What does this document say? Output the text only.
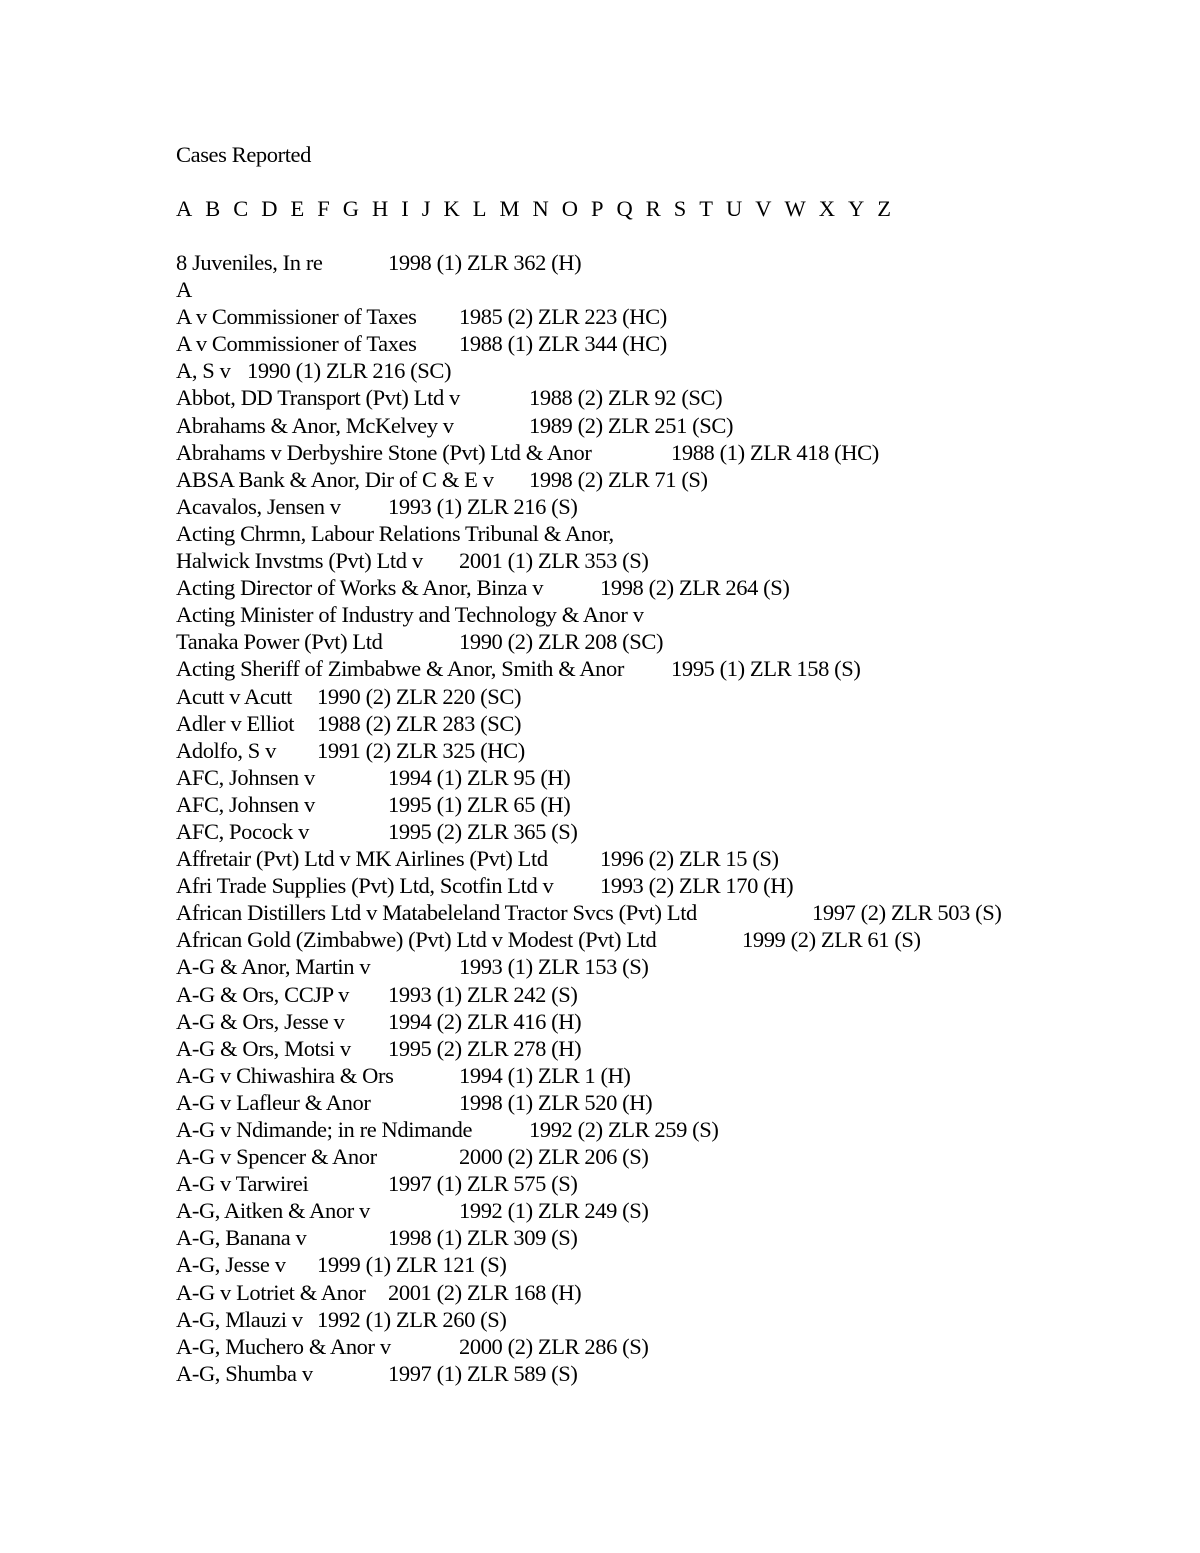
Cases Reported
A B C D E F G H I J K L M N O P Q R S T U V W X Y Z
8 Juveniles, In re	1998 (1) ZLR 362 (H)
A
A v Commissioner of Taxes 1985 (2) ZLR 223 (HC)
A v Commissioner of Taxes 1988 (1) ZLR 344 (HC)
A, S v 1990 (1) ZLR 216 (SC)
Abbot, DD Transport (Pvt) Ltd v	1988 (2) ZLR 92 (SC)
Abrahams & Anor, McKelvey v	1989 (2) ZLR 251 (SC)
Abrahams v Derbyshire Stone (Pvt) Ltd & Anor	1988 (1) ZLR 418 (HC)
ABSA Bank & Anor, Dir of C & E v 1998 (2) ZLR 71 (S)
Acavalos, Jensen v 1993 (1) ZLR 216 (S)
Acting Chrmn, Labour Relations Tribunal & Anor,
Halwick Invstms (Pvt) Ltd v 2001 (1) ZLR 353 (S)
Acting Director of Works & Anor, Binza v	1998 (2) ZLR 264 (S)
Acting Minister of Industry and Technology & Anor v
Tanaka Power (Pvt) Ltd	1990 (2) ZLR 208 (SC)
Acting Sheriff of Zimbabwe & Anor, Smith & Anor 1995 (1) ZLR 158 (S)
Acutt v Acutt 1990 (2) ZLR 220 (SC)
Adler v Elliot 1988 (2) ZLR 283 (SC)
Adolfo, S v 1991 (2) ZLR 325 (HC)
AFC, Johnsen v	1994 (1) ZLR 95 (H)
AFC, Johnsen v	1995 (1) ZLR 65 (H)
AFC, Pocock v	1995 (2) ZLR 365 (S)
Affretair (Pvt) Ltd v MK Airlines (Pvt) Ltd 1996 (2) ZLR 15 (S)
Afri Trade Supplies (Pvt) Ltd, Scotfin Ltd v 1993 (2) ZLR 170 (H)
African Distillers Ltd v Matabeleland Tractor Svcs (Pvt) Ltd	1997 (2) ZLR 503 (S)
African Gold (Zimbabwe) (Pvt) Ltd v Modest (Pvt) Ltd	1999 (2) ZLR 61 (S)
A-G & Anor, Martin v	1993 (1) ZLR 153 (S)
A-G & Ors, CCJP v 1993 (1) ZLR 242 (S)
A-G & Ors, Jesse v 1994 (2) ZLR 416 (H)
A-G & Ors, Motsi v 1995 (2) ZLR 278 (H)
A-G v Chiwashira & Ors	1994 (1) ZLR 1 (H)
A-G v Lafleur & Anor	1998 (1) ZLR 520 (H)
A-G v Ndimande; in re Ndimande	1992 (2) ZLR 259 (S)
A-G v Spencer & Anor	2000 (2) ZLR 206 (S)
A-G v Tarwirei	1997 (1) ZLR 575 (S)
A-G, Aitken & Anor v	1992 (1) ZLR 249 (S)
A-G, Banana v	1998 (1) ZLR 309 (S)
A-G, Jesse v 1999 (1) ZLR 121 (S)
A-G v Lotriet & Anor 2001 (2) ZLR 168 (H)
A-G, Mlauzi v 1992 (1) ZLR 260 (S)
A-G, Muchero & Anor v	2000 (2) ZLR 286 (S)
A-G, Shumba v	1997 (1) ZLR 589 (S)
